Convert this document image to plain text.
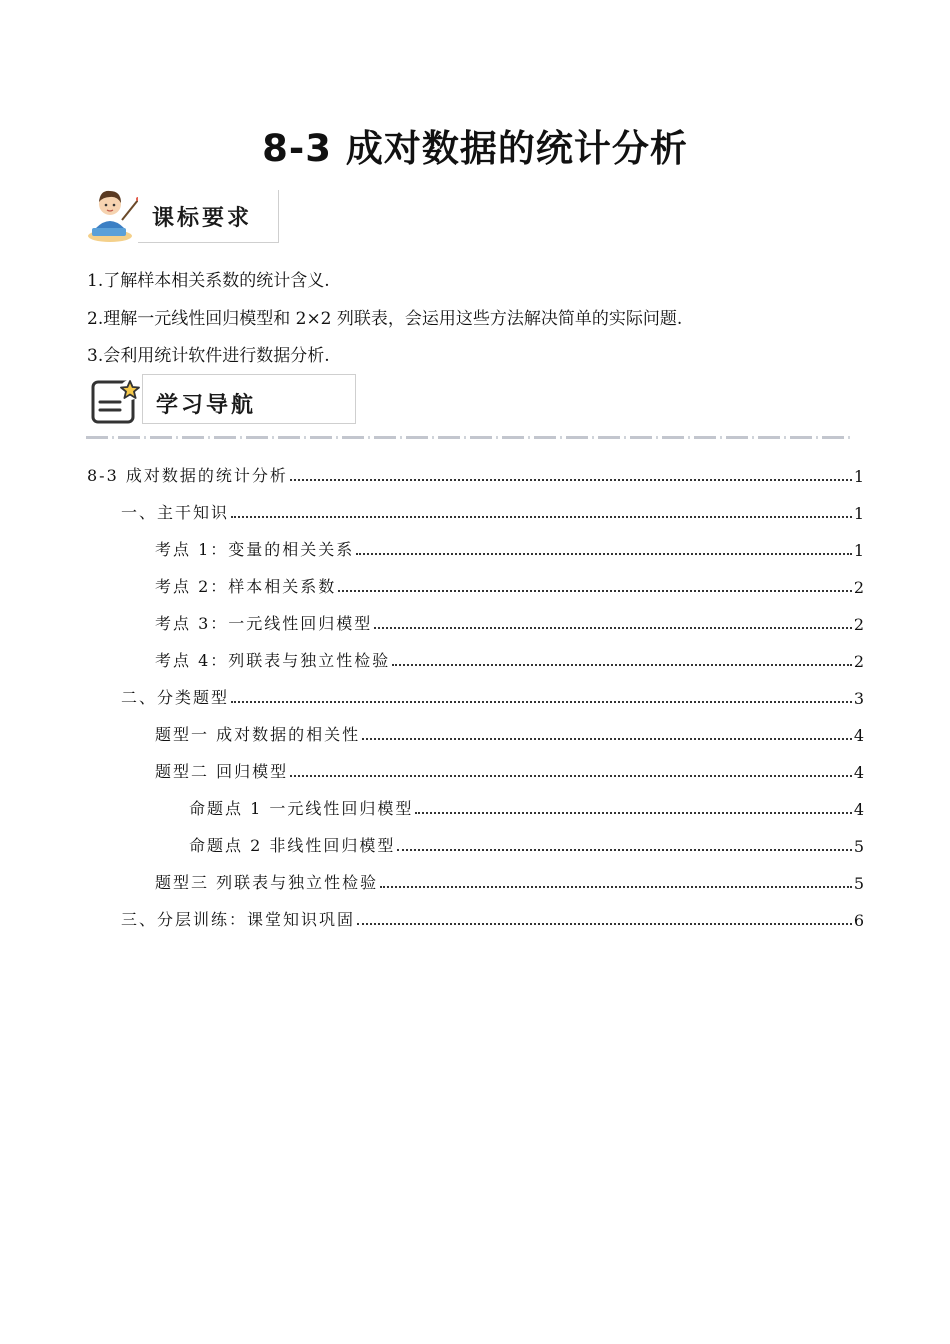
8-3 成对数据的统计分析
课标要求
1.了解样本相关系数的统计含义.
2.理解一元线性回归模型和 2×2 列联表，会运用这些方法解决简单的实际问题.
3.会利用统计软件进行数据分析.
学习导航
8-3 成对数据的统计分析	1
一、主干知识	1
考点 1：变量的相关关系	1
考点 2：样本相关系数	2
考点 3：一元线性回归模型	2
考点 4：列联表与独立性检验	2
二、分类题型	3
题型一 成对数据的相关性	4
题型二 回归模型	4
命题点 1 一元线性回归模型	4
命题点 2 非线性回归模型	5
题型三 列联表与独立性检验	5
三、分层训练：课堂知识巩固	6
